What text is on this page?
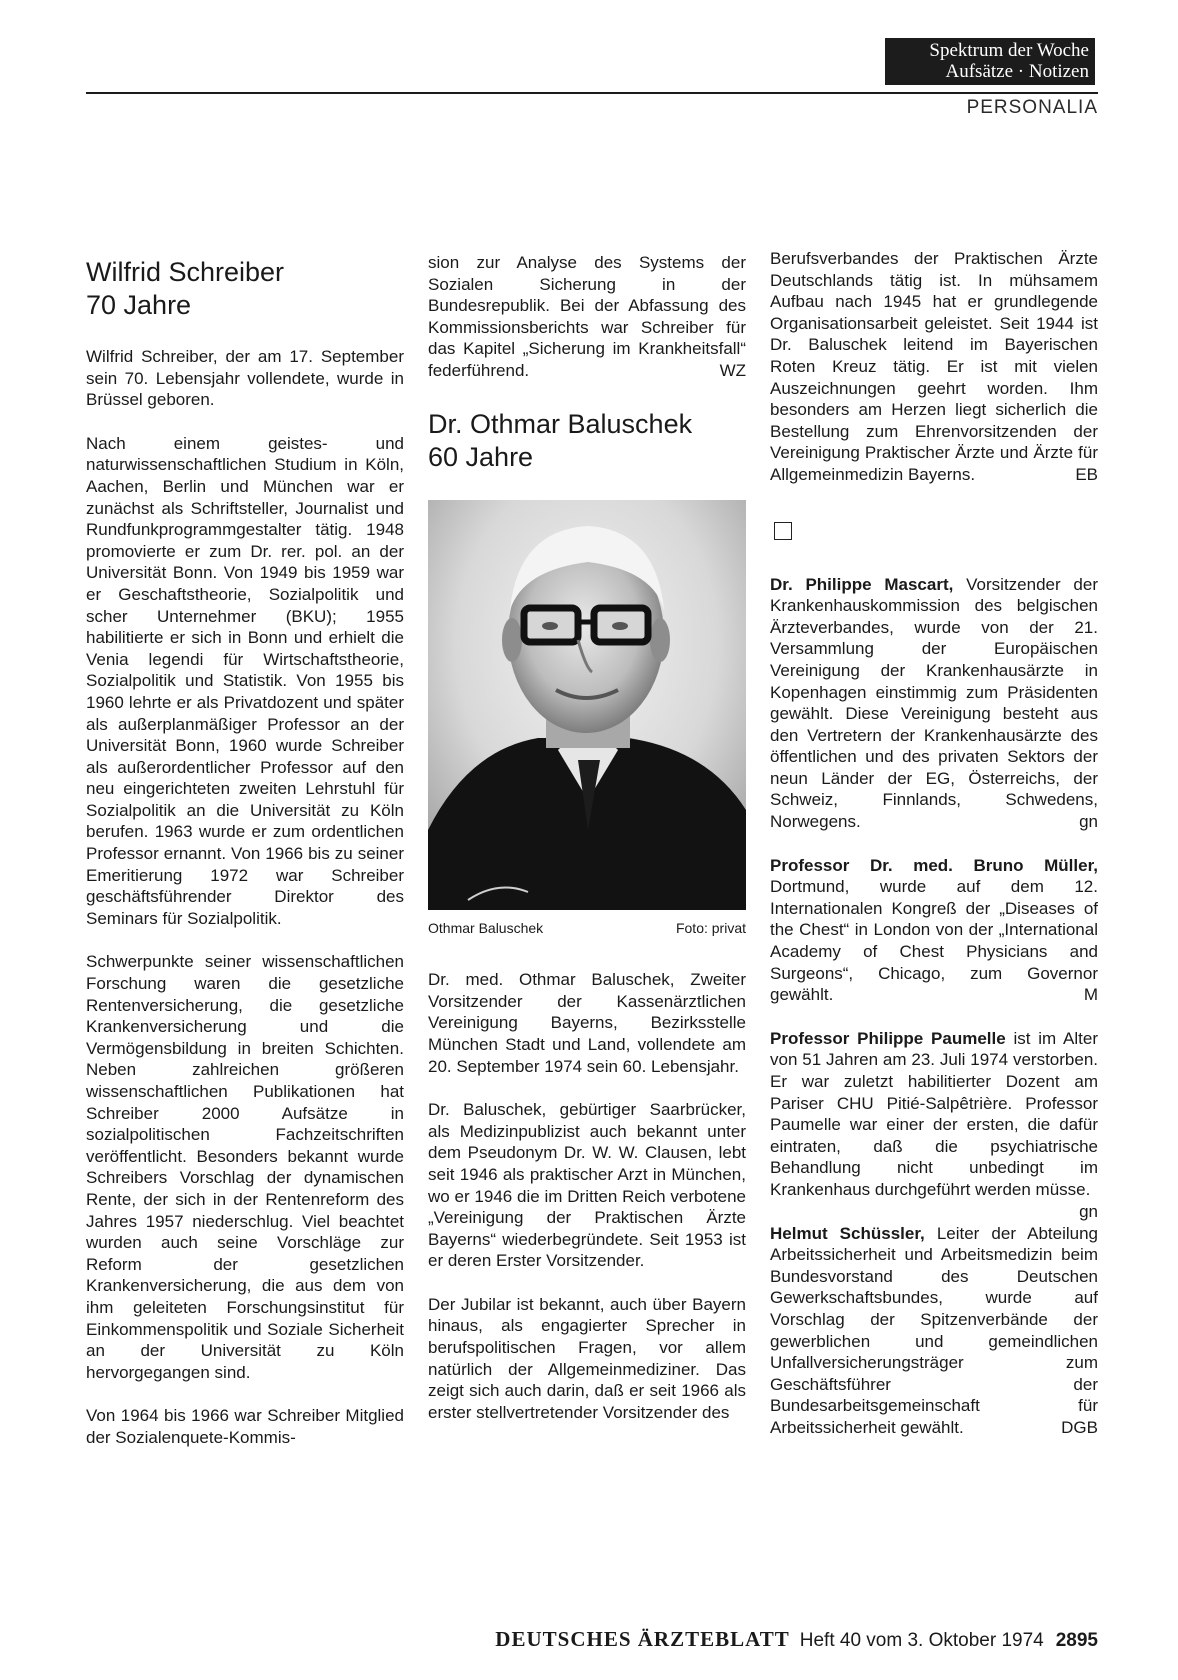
Spektrum der Woche
Aufsätze · Notizen
PERSONALIA
Wilfrid Schreiber
70 Jahre

Wilfrid Schreiber, der am 17. September sein 70. Lebensjahr vollendete, wurde in Brüssel geboren.

Nach einem geistes- und naturwissenschaftlichen Studium in Köln, Aachen, Berlin und München war er zunächst als Schriftsteller, Journalist und Rundfunkprogrammgestalter tätig. 1948 promovierte er zum Dr. rer. pol. an der Universität Bonn. Von 1949 bis 1959 war er Geschaftstheorie, Sozialpolitik und scher Unternehmer (BKU); 1955 habilitierte er sich in Bonn und erhielt die Venia legendi für Wirtschaftstheorie, Sozialpolitik und Statistik. Von 1955 bis 1960 lehrte er als Privatdozent und später als außerplanmäßiger Professor an der Universität Bonn, 1960 wurde Schreiber als außerordentlicher Professor auf den neu eingerichteten zweiten Lehrstuhl für Sozialpolitik an die Universität zu Köln berufen. 1963 wurde er zum ordentlichen Professor ernannt. Von 1966 bis zu seiner Emeritierung 1972 war Schreiber geschäftsführender Direktor des Seminars für Sozialpolitik.

Schwerpunkte seiner wissenschaftlichen Forschung waren die gesetzliche Rentenversicherung, die gesetzliche Krankenversicherung und die Vermögensbildung in breiten Schichten. Neben zahlreichen größeren wissenschaftlichen Publikationen hat Schreiber 2000 Aufsätze in sozialpolitischen Fachzeitschriften veröffentlicht. Besonders bekannt wurde Schreibers Vorschlag der dynamischen Rente, der sich in der Rentenreform des Jahres 1957 niederschlug. Viel beachtet wurden auch seine Vorschläge zur Reform der gesetzlichen Krankenversicherung, die aus dem von ihm geleiteten Forschungsinstitut für Einkommenspolitik und Soziale Sicherheit an der Universität zu Köln hervorgegangen sind.

Von 1964 bis 1966 war Schreiber Mitglied der Sozialenquete-Kommis-

sion zur Analyse des Systems der Sozialen Sicherung in der Bundesrepublik. Bei der Abfassung des Kommissionsberichts war Schreiber für das Kapitel „Sicherung im Krankheitsfall“ federführend.	WZ
Dr. Othmar Baluschek
60 Jahre
Othmar Baluschek	Foto: privat

Dr. med. Othmar Baluschek, Zweiter Vorsitzender der Kassenärztlichen Vereinigung Bayerns, Bezirksstelle München Stadt und Land, vollendete am 20. September 1974 sein 60. Lebensjahr.

Dr. Baluschek, gebürtiger Saarbrücker, als Medizinpublizist auch bekannt unter dem Pseudonym Dr. W. W. Clausen, lebt seit 1946 als praktischer Arzt in München, wo er 1946 die im Dritten Reich verbotene „Vereinigung der Praktischen Ärzte Bayerns“ wiederbegründete. Seit 1953 ist er deren Erster Vorsitzender.

Der Jubilar ist bekannt, auch über Bayern hinaus, als engagierter Sprecher in berufspolitischen Fragen, vor allem natürlich der Allgemeinmediziner. Das zeigt sich auch darin, daß er seit 1966 als erster stellvertretender Vorsitzender des

Berufsverbandes der Praktischen Ärzte Deutschlands tätig ist. In mühsamem Aufbau nach 1945 hat er grundlegende Organisationsarbeit geleistet. Seit 1944 ist Dr. Baluschek leitend im Bayerischen Roten Kreuz tätig. Er ist mit vielen Auszeichnungen geehrt worden. Ihm besonders am Herzen liegt sicherlich die Bestellung zum Ehrenvorsitzenden der Vereinigung Praktischer Ärzte und Ärzte für Allgemeinmedizin Bayerns.	EB
Dr. Philippe Mascart, Vorsitzender der Krankenhauskommission des belgischen Ärzteverbandes, wurde von der 21. Versammlung der Europäischen Vereinigung der Krankenhausärzte in Kopenhagen einstimmig zum Präsidenten gewählt. Diese Vereinigung besteht aus den Vertretern der Krankenhausärzte des öffentlichen und des privaten Sektors der neun Länder der EG, Österreichs, der Schweiz, Finnlands, Schwedens, Norwegens.	gn
Professor Dr. med. Bruno Müller, Dortmund, wurde auf dem 12. Internationalen Kongreß der „Diseases of the Chest“ in London von der „International Academy of Chest Physicians and Surgeons“, Chicago, zum Governor gewählt.	M
Professor Philippe Paumelle ist im Alter von 51 Jahren am 23. Juli 1974 verstorben. Er war zuletzt habilitierter Dozent am Pariser CHU Pitié-Salpêtrière. Professor Paumelle war einer der ersten, die dafür eintraten, daß die psychiatrische Behandlung nicht unbedingt im Krankenhaus durchgeführt werden müsse.
gn
Helmut Schüssler, Leiter der Abteilung Arbeitssicherheit und Arbeitsmedizin beim Bundesvorstand des Deutschen Gewerkschaftsbundes, wurde auf Vorschlag der Spitzenverbände der gewerblichen und gemeindlichen Unfallversicherungsträger zum Geschäftsführer der Bundesarbeitsgemeinschaft für Arbeitssicherheit gewählt.	DGB
DEUTSCHES ÄRZTEBLATT Heft 40 vom 3. Oktober 1974 2895
